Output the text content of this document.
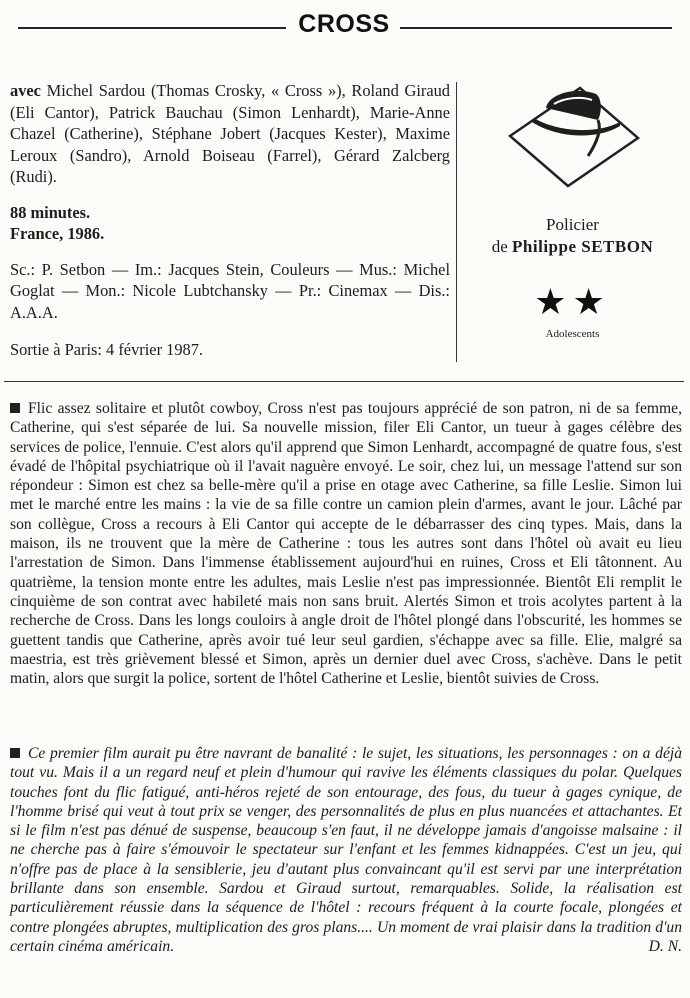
CROSS

avec Michel Sardou (Thomas Crosky, « Cross »), Roland Giraud (Eli Cantor), Patrick Bauchau (Simon Lenhardt), Marie-Anne Chazel (Catherine), Stéphane Jobert (Jacques Kester), Maxime Leroux (Sandro), Arnold Boiseau (Farrel), Gérard Zalcberg (Rudi).

88 minutes.
France, 1986.
Sc.: P. Setbon — Im.: Jacques Stein, Couleurs — Mus.: Michel Goglat — Mon.: Nicole Lubtchansky — Pr.: Cinemax — Dis.: A.A.A.
Sortie à Paris: 4 février 1987.
Policier
de Philippe SETBON
★★
Adolescents

Flic assez solitaire et plutôt cowboy, Cross n'est pas toujours apprécié de son patron, ni de sa femme, Catherine, qui s'est séparée de lui. Sa nouvelle mission, filer Eli Cantor, un tueur à gages célèbre des services de police, l'ennuie. C'est alors qu'il apprend que Simon Lenhardt, accompagné de quatre fous, s'est évadé de l'hôpital psychiatrique où il l'avait naguère envoyé. Le soir, chez lui, un message l'attend sur son répondeur : Simon est chez sa belle-mère qu'il a prise en otage avec Catherine, sa fille Leslie. Simon lui met le marché entre les mains : la vie de sa fille contre un camion plein d'armes, avant le jour. Lâché par son collègue, Cross a recours à Eli Cantor qui accepte de le débarrasser des cinq types. Mais, dans la maison, ils ne trouvent que la mère de Catherine : tous les autres sont dans l'hôtel où avait eu lieu l'arrestation de Simon. Dans l'immense établissement aujourd'hui en ruines, Cross et Eli tâtonnent. Au quatrième, la tension monte entre les adultes, mais Leslie n'est pas impressionnée. Bientôt Eli remplit le cinquième de son contrat avec habileté mais non sans bruit. Alertés Simon et trois acolytes partent à la recherche de Cross. Dans les longs couloirs à angle droit de l'hôtel plongé dans l'obscurité, les hommes se guettent tandis que Catherine, après avoir tué leur seul gardien, s'échappe avec sa fille. Elie, malgré sa maestria, est très grièvement blessé et Simon, après un dernier duel avec Cross, s'achève. Dans le petit matin, alors que surgit la police, sortent de l'hôtel Catherine et Leslie, bientôt suivies de Cross.

Ce premier film aurait pu être navrant de banalité : le sujet, les situations, les personnages : on a déjà tout vu. Mais il a un regard neuf et plein d'humour qui ravive les éléments classiques du polar. Quelques touches font du flic fatigué, anti-héros rejeté de son entourage, des fous, du tueur à gages cynique, de l'homme brisé qui veut à tout prix se venger, des personnalités de plus en plus nuancées et attachantes. Et si le film n'est pas dénué de suspense, beaucoup s'en faut, il ne développe jamais d'angoisse malsaine : il ne cherche pas à faire s'émouvoir le spectateur sur l'enfant et les femmes kidnappées. C'est un jeu, qui n'offre pas de place à la sensiblerie, jeu d'autant plus convaincant qu'il est servi par une interprétation brillante dans son ensemble. Sardou et Giraud surtout, remarquables. Solide, la réalisation est particulièrement réussie dans la séquence de l'hôtel : recours fréquent à la courte focale, plongées et contre plongées abruptes, multiplication des gros plans.... Un moment de vrai plaisir dans la tradition d'un certain cinéma américain.	D. N.
